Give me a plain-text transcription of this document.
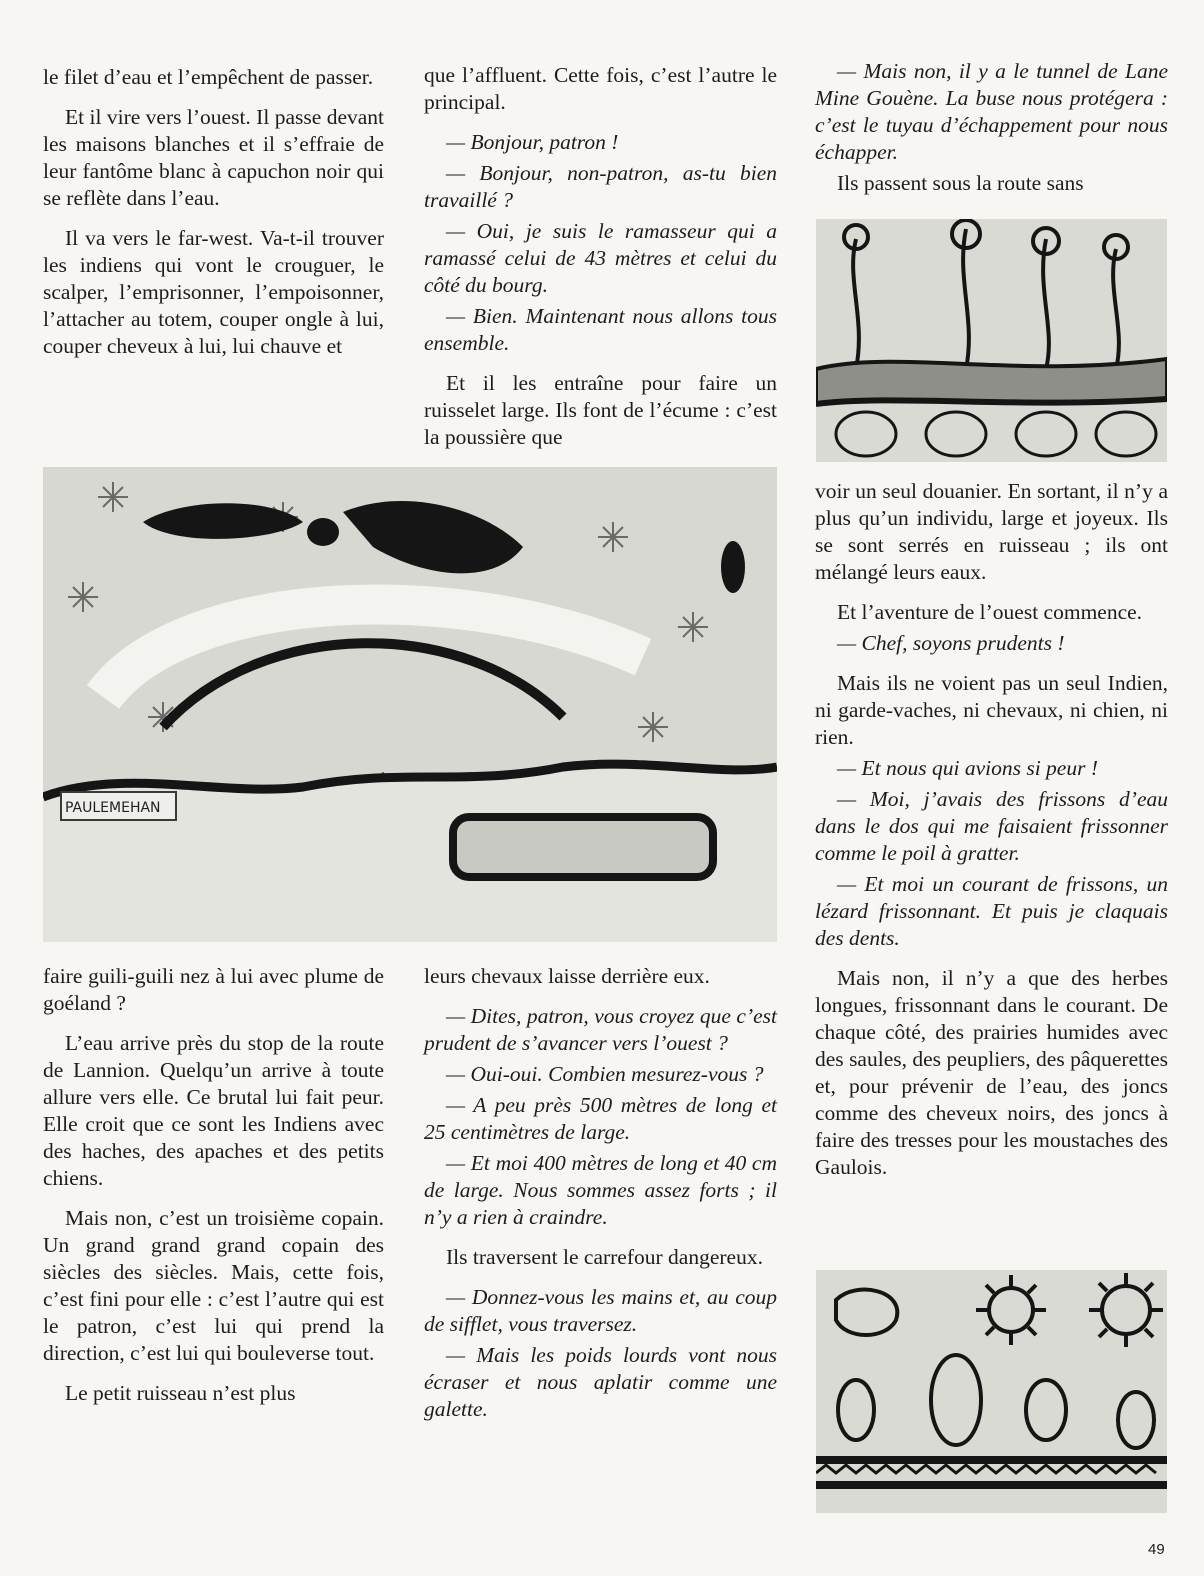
le filet d’eau et l’empêchent de passer.

Et il vire vers l’ouest. Il passe devant les maisons blanches et il s’effraie de leur fantôme blanc à capuchon noir qui se reflète dans l’eau.

Il va vers le far-west. Va-t-il trouver les indiens qui vont le crouguer, le scalper, l’emprisonner, l’empoisonner, l’attacher au totem, couper ongle à lui, couper cheveux à lui, lui chauve et

que l’affluent. Cette fois, c’est l’autre le principal.

— Bonjour, patron !

— Bonjour, non-patron, as-tu bien travaillé ?

— Oui, je suis le ramasseur qui a ramassé celui de 43 mètres et celui du côté du bourg.

— Bien. Maintenant nous allons tous ensemble.

Et il les entraîne pour faire un ruisselet large. Ils font de l’écume : c’est la poussière que

— Mais non, il y a le tunnel de Lane Mine Gouène. La buse nous protégera : c’est le tuyau d’échappement pour nous échapper.

Ils passent sous la route sans

PAULEMEHAN

voir un seul douanier. En sortant, il n’y a plus qu’un individu, large et joyeux. Ils se sont serrés en ruisseau ; ils ont mélangé leurs eaux.

Et l’aventure de l’ouest commence.

— Chef, soyons prudents !

Mais ils ne voient pas un seul Indien, ni garde-vaches, ni chevaux, ni chien, ni rien.

— Et nous qui avions si peur !

— Moi, j’avais des frissons d’eau dans le dos qui me faisaient frissonner comme le poil à gratter.

— Et moi un courant de frissons, un lézard frissonnant. Et puis je claquais des dents.

Mais non, il n’y a que des herbes longues, frissonnant dans le courant. De chaque côté, des prairies humides avec des saules, des peupliers, des pâquerettes et, pour prévenir de l’eau, des joncs comme des cheveux noirs, des joncs à faire des tresses pour les moustaches des Gaulois.

faire guili-guili nez à lui avec plume de goéland ?

L’eau arrive près du stop de la route de Lannion. Quelqu’un arrive à toute allure vers elle. Ce brutal lui fait peur. Elle croit que ce sont les Indiens avec des haches, des apaches et des petits chiens.

Mais non, c’est un troisième copain. Un grand grand grand copain des siècles des siècles. Mais, cette fois, c’est fini pour elle : c’est l’autre qui est le patron, c’est lui qui prend la direction, c’est lui qui bouleverse tout.

Le petit ruisseau n’est plus

leurs chevaux laisse derrière eux.

— Dites, patron, vous croyez que c’est prudent de s’avancer vers l’ouest ?

— Oui-oui. Combien mesurez-vous ?

— A peu près 500 mètres de long et 25 centimètres de large.

— Et moi 400 mètres de long et 40 cm de large. Nous sommes assez forts ; il n’y a rien à craindre.

Ils traversent le carrefour dangereux.

— Donnez-vous les mains et, au coup de sifflet, vous traversez.

— Mais les poids lourds vont nous écraser et nous aplatir comme une galette.

49
